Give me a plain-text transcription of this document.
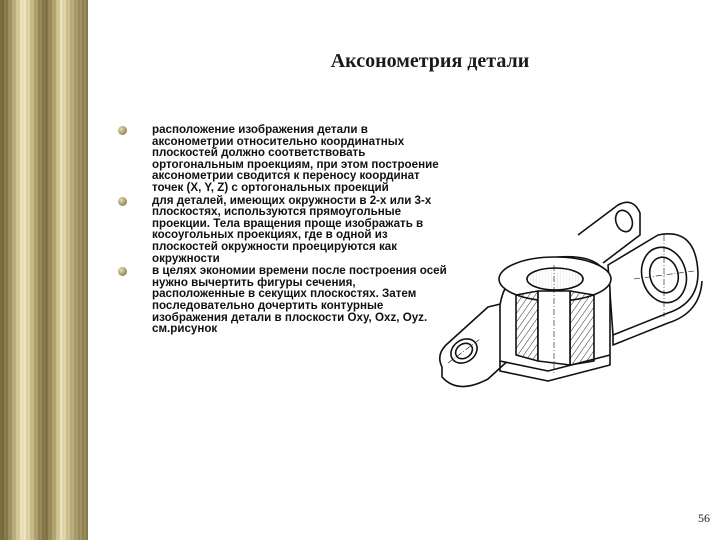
Аксонометрия детали
расположение изображения детали в аксонометрии относительно координатных плоскостей должно соответствовать ортогональным проекциям, при этом построение аксонометрии сводится к переносу координат точек (X, Y, Z) с ортогональных проекций
для деталей, имеющих окружности в 2-х или 3-х плоскостях, используются прямоугольные проекции. Тела вращения проще изображать в косоугольных проекциях, где в одной из плоскостей окружности проецируются как окружности
в целях экономии времени после построения осей нужно вычертить фигуры сечения, расположенные в секущих плоскостях. Затем последовательно дочертить контурные изображения детали в плоскости Oxy, Oxz, Oyz. см.рисунок
56
